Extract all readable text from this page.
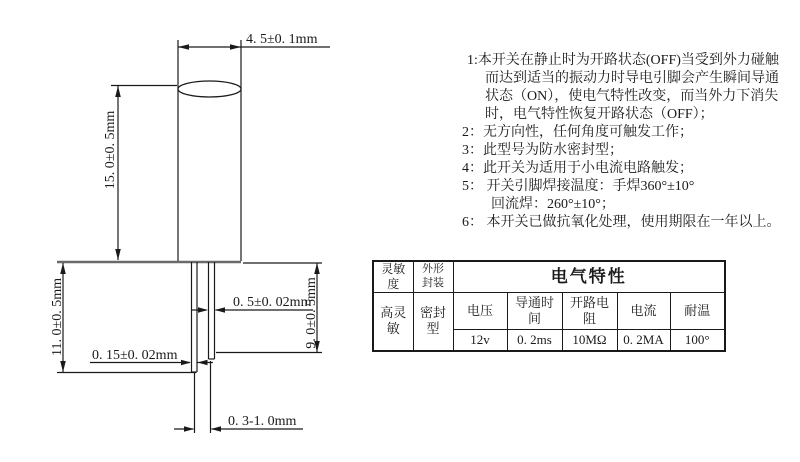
4. 5±0. 1mm
15. 0±0. 5mm
11. 0±0. 5mm	0. 5±0. 02mm
9. 0±0. 5mm
0. 15±0. 02mm
0. 3-1. 0mm
1:本开关在静止时为开路状态(OFF)当受到外力碰触
而达到适当的振动力时导电引脚会产生瞬间导通
状态（ON），使电气特性改变，而当外力下消失
时，电气特性恢复开路状态（OFF）；
2：无方向性，任何角度可触发工作；
3：此型号为防水密封型；
4：此开关为适用于小电流电路触发；
5： 开关引脚焊接温度：手焊360°±10°
回流焊：260°±10°；
6： 本开关已做抗氧化处理，使用期限在一年以上。
灵敏度	外形封装	电气特性				
高灵敏	密封型	电压	导通时间	开路电阻	电流	耐温
		12v	0. 2ms	10MΩ	0. 2MA	100°
